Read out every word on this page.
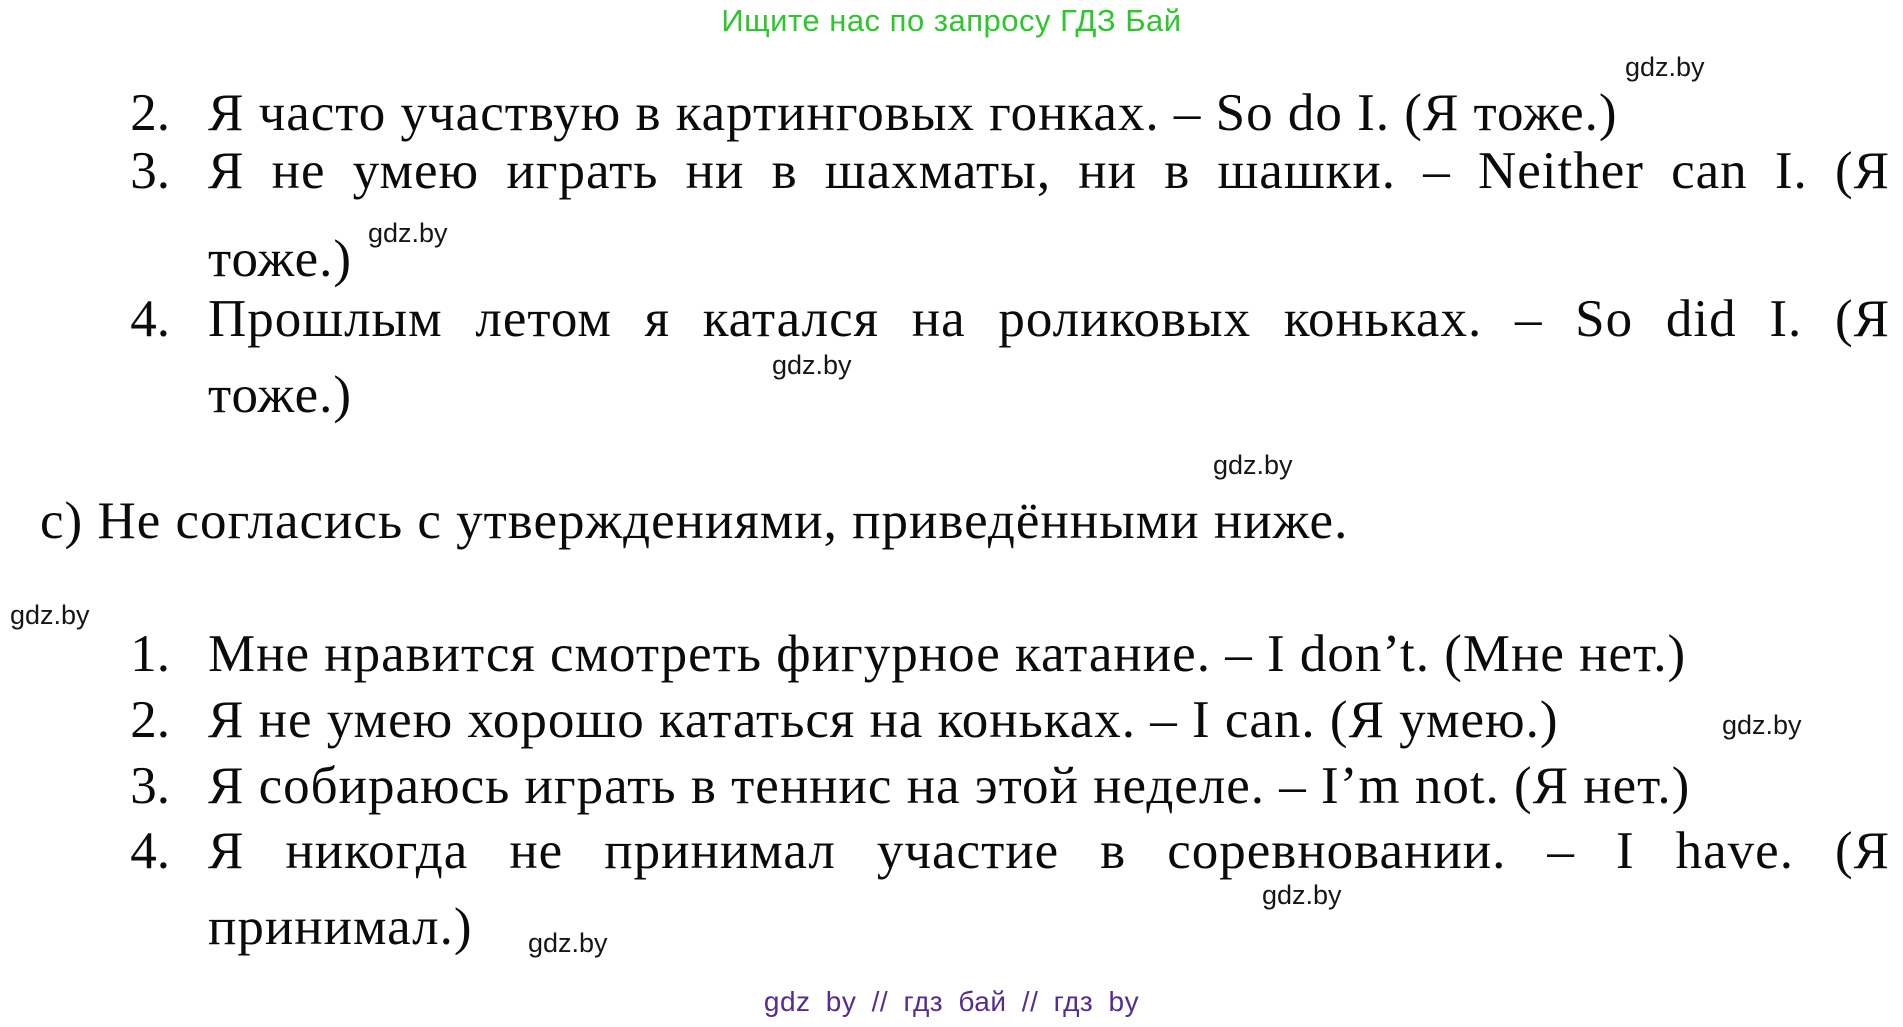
Ищите нас по запросу ГДЗ Бай
gdz.by
gdz.by
gdz.by
gdz.by
gdz.by
gdz.by
gdz.by
gdz.by
2. Я часто участвую в картинговых гонках. – So do I. (Я тоже.)
3. Я не умею играть ни в шахматы, ни в шашки. – Neither can I. (Я
тоже.)
4. Прошлым летом я катался на роликовых коньках. – So did I. (Я
тоже.)
c) Не согласись с утверждениями, приведёнными ниже.
1. Мне нравится смотреть фигурное катание. – I don’t. (Мне нет.)
2. Я не умею хорошо кататься на коньках. – I can. (Я умею.)
3. Я собираюсь играть в теннис на этой неделе. – I’m not. (Я нет.)
4. Я никогда не принимал участие в соревновании. – I have. (Я
принимал.)
gdz by // гдз бай // гдз by
